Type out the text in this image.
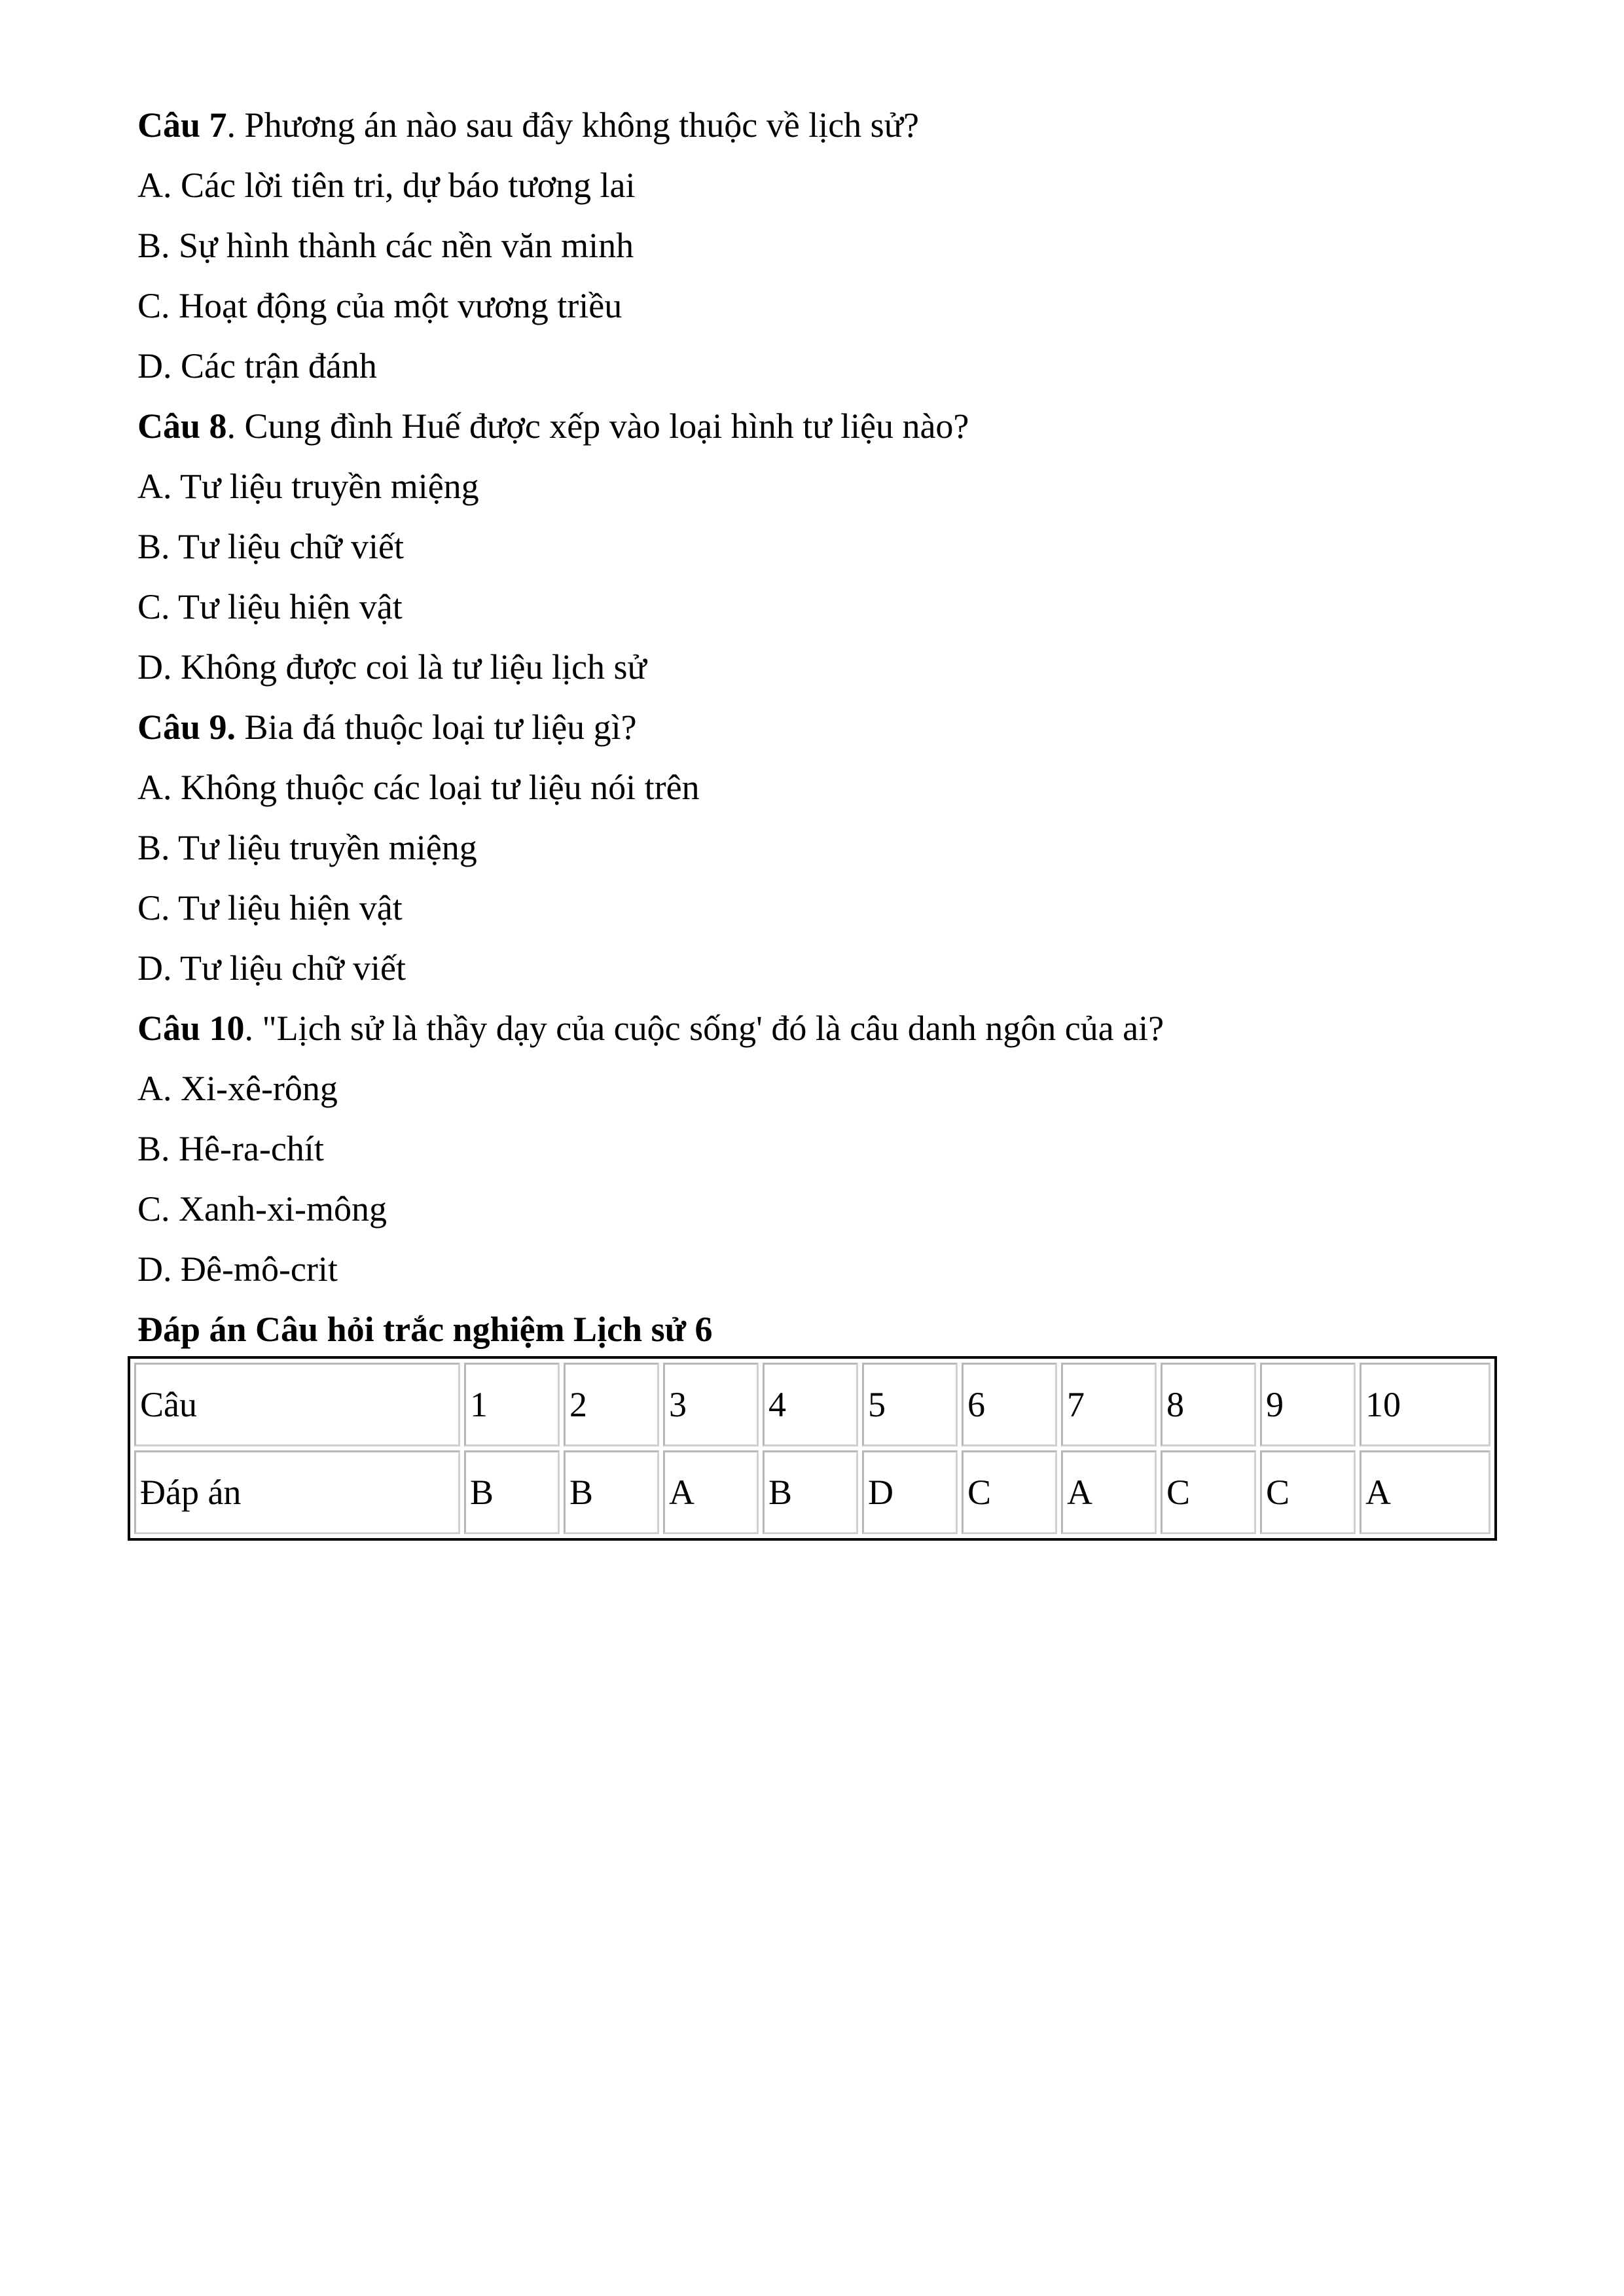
Câu 7. Phương án nào sau đây không thuộc về lịch sử?
A. Các lời tiên tri, dự báo tương lai
B. Sự hình thành các nền văn minh
C. Hoạt động của một vương triều
D. Các trận đánh
Câu 8. Cung đình Huế được xếp vào loại hình tư liệu nào?
A. Tư liệu truyền miệng
B. Tư liệu chữ viết
C. Tư liệu hiện vật
D. Không được coi là tư liệu lịch sử
Câu 9. Bia đá thuộc loại tư liệu gì?
A. Không thuộc các loại tư liệu nói trên
B. Tư liệu truyền miệng
C. Tư liệu hiện vật
D. Tư liệu chữ viết
Câu 10. "Lịch sử là thầy dạy của cuộc sống' đó là câu danh ngôn của ai?
A. Xi-xê-rông
B. Hê-ra-chít
C. Xanh-xi-mông
D. Đê-mô-crit
Đáp án Câu hỏi trắc nghiệm Lịch sử 6
Câu	1	2	3	4	5	6	7	8	9	10
Đáp án	B	B	A	B	D	C	A	C	C	A
